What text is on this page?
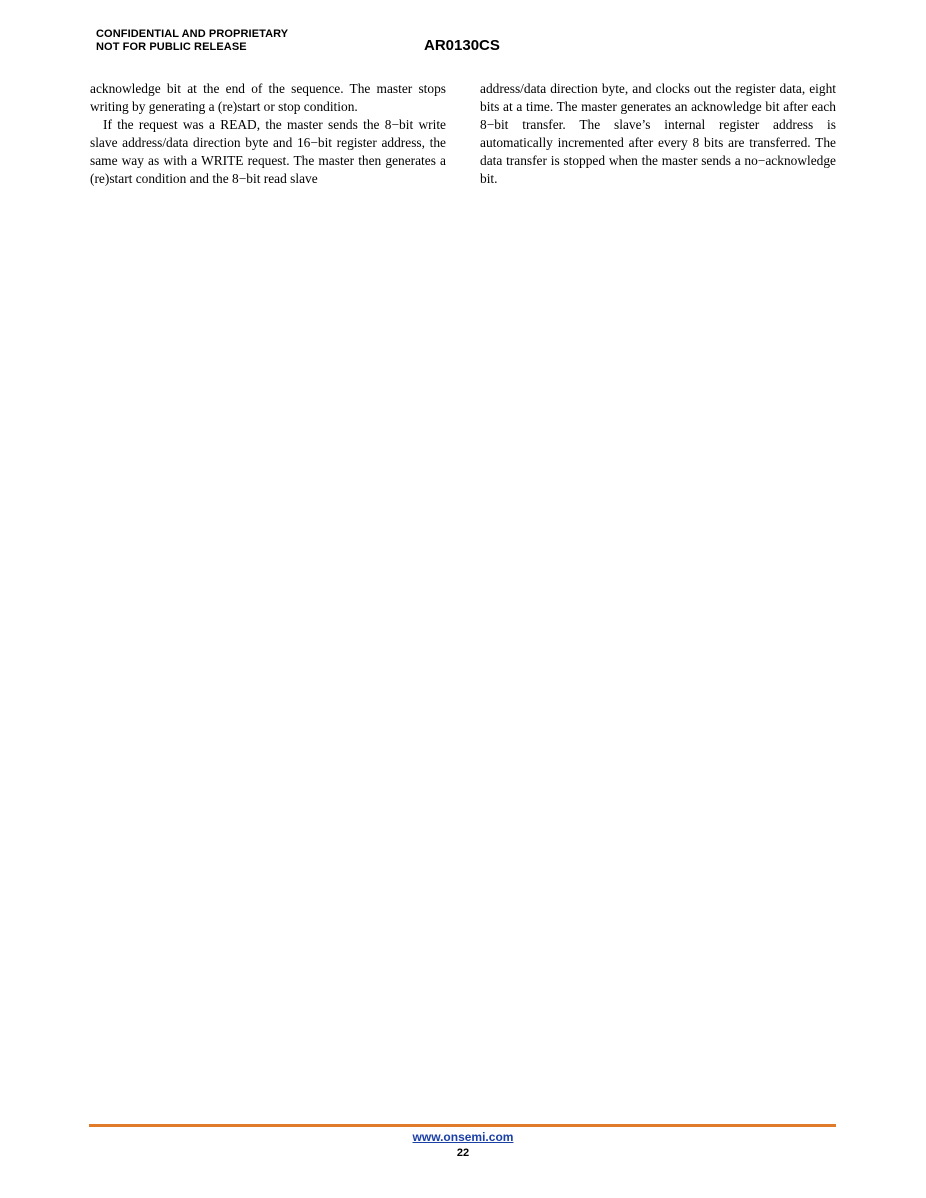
CONFIDENTIAL AND PROPRIETARY
NOT FOR PUBLIC RELEASE	AR0130CS

acknowledge bit at the end of the sequence. The master stops writing by generating a (re)start or stop condition.

If the request was a READ, the master sends the 8−bit write slave address/data direction byte and 16−bit register address, the same way as with a WRITE request. The master then generates a (re)start condition and the 8−bit read slave

address/data direction byte, and clocks out the register data, eight bits at a time. The master generates an acknowledge bit after each 8−bit transfer. The slave’s internal register address is automatically incremented after every 8 bits are transferred. The data transfer is stopped when the master sends a no−acknowledge bit.

www.onsemi.com
22
